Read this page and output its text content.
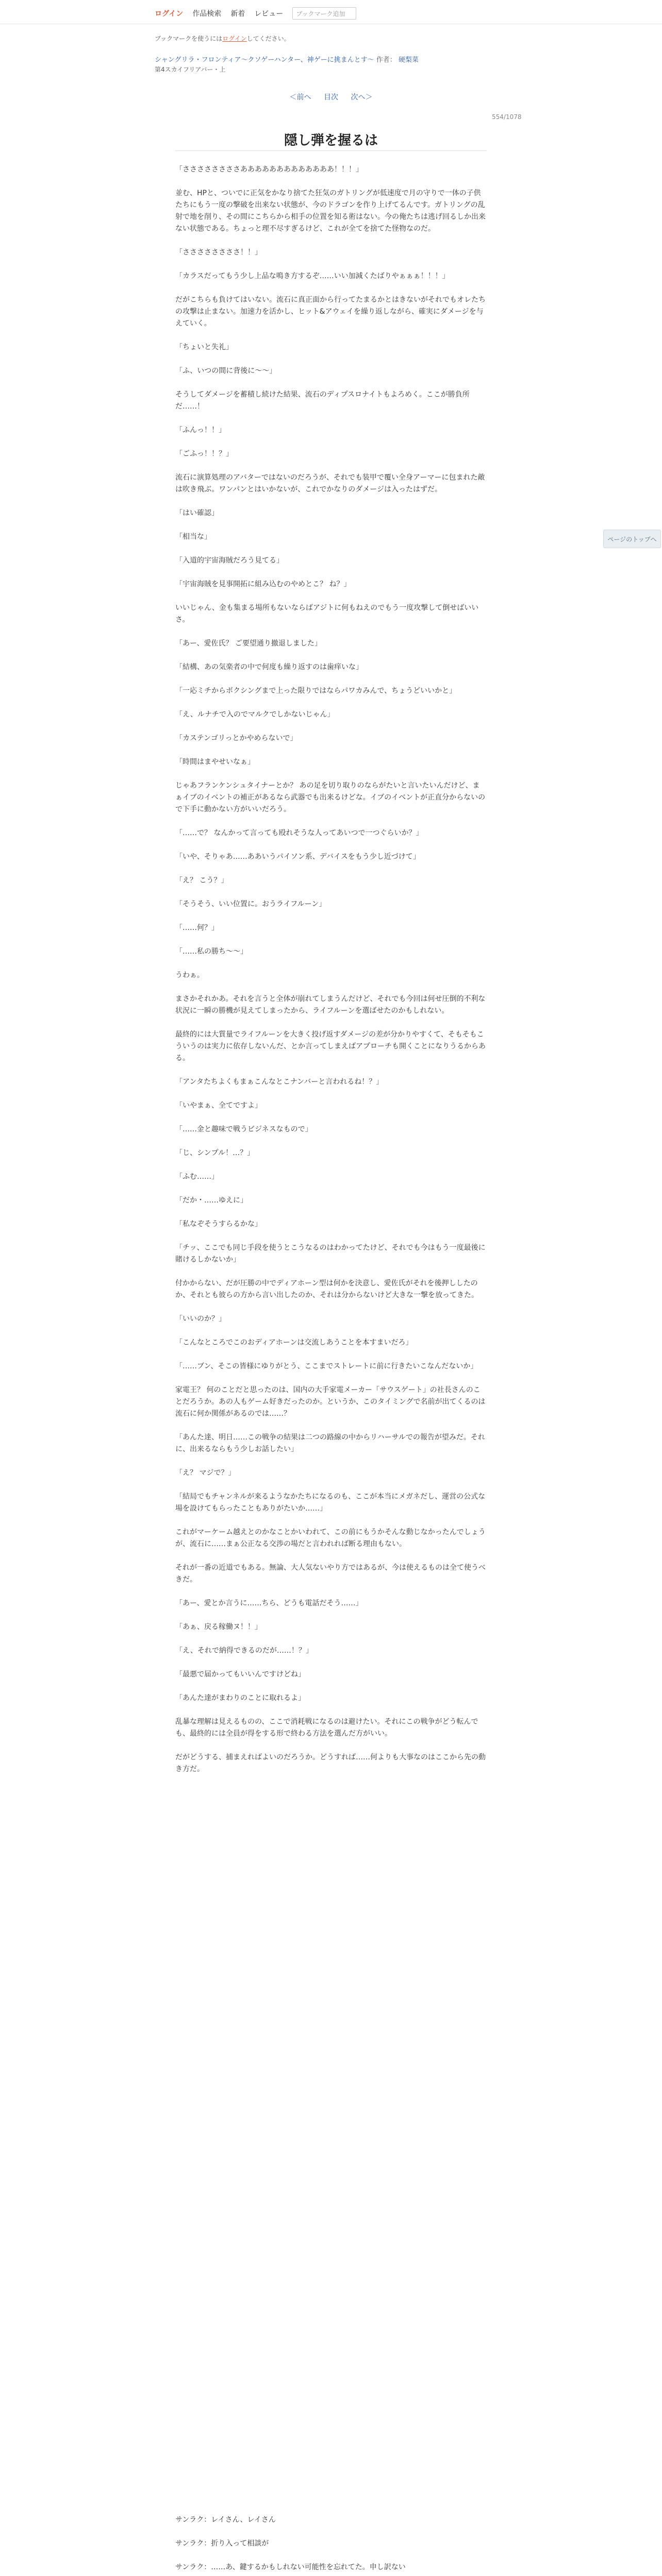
ログイン 作品検索 新着 レビュー	ブックマーク追加
ブックマークを使うにはログインしてください。
シャングリラ・フロンティア〜クソゲーハンター、神ゲーに挑まんとす〜 作者： 硬梨菜
第4スカイフリアバー・上
＜前へ 目次 次へ＞
554/1078
隠し弾を握るは

「ささささささささあああああああああああああ！！！」

並む、HPと、ついでに正気をかなり捨てた狂気のガトリングが低速度で月の守りで一体の子供たちにもう一度の撃破を出来ない状態が、今のドラゴンを作り上げてるんです。ガトリングの乱射で地を削り、その間にこちらから相手の位置を知る術はない。今の俺たちは逃げ回るしか出来ない状態である。ちょっと理不尽すぎるけど、これが全てを捨てた怪物なのだ。

「ささささささささ！！」

「カラスだってもう少し上品な鳴き方するぞ……いい加減くたばりやぁぁぁ！！！」

だがこちらも負けてはいない。流石に真正面から行ってたまるかとはきないがそれでもオレたちの攻撃は止まない。加速力を活かし、ヒット&アウェイを繰り返しながら、確実にダメージを与えていく。

「ちょいと失礼」

「ふ、いつの間に背後に〜〜」

そうしてダメージを蓄積し続けた結果、流石のディプスロナイトもよろめく。ここが勝負所だ……！

「ふんっ！！」

「ごふっ！！？」

流石に演算処理のアバターではないのだろうが、それでも装甲で覆い全身アーマーに包まれた敵は吹き飛ぶ。ワンパンとはいかないが、これでかなりのダメージは入ったはずだ。

「はい確認」

「相当な」

「入道的宇宙海賊だろう見てる」

「宇宙海賊を見事開拓に組み込むのやめとこ？ ね？」

いいじゃん、金も集まる場所もないならばアジトに何もねえのでもう一度攻撃して倒せばいいさ。

「あー、愛佐氏？ ご要望通り撤退しました」

「結構、あの気楽者の中で何度も繰り返すのは歯痒いな」

「一応ミチからボクシングまで上った限りではならパワカみんで、ちょうどいいかと」

「え、ルナチで入のでマルクでしかないじゃん」

「カステンゴリっとかやめらないで」

「時間はまやせいなぁ」

じゃあフランケンシュタイナーとか？ あの足を切り取りのならがたいと言いたいんだけど、まぁイブのイベントの補正があるなら武器でも出来るけどな。イブのイベントが正直分からないので下手に動かない方がいいだろう。

「……で？ なんかって言っても殴れそうな人ってあいつで一つぐらいか？」

「いや、そりゃあ……ああいうパイソン系、デバイスをもう少し近づけて」

「え？ こう？」

「そうそう、いい位置に。おうライフルーン」

「……何？」

「……私の勝ち〜〜」

うわぁ。

まさかそれかあ。それを言うと全体が崩れてしまうんだけど、それでも今回は何せ圧倒的不利な状況に一瞬の勝機が見えてしまったから、ライフルーンを選ばせたのかもしれない。

最終的には大質量でライフルーンを大きく投げ返すダメージの差が分かりやすくて、そもそもこういうのは実力に依存しないんだ、とか言ってしまえばアプローチも開くことになりうるからある。

「アンタたちよくもまぁこんなとこナンバーと言われるね！？」

「いやまぁ、全てですよ」

「……金と趣味で戦うビジネスなもので」

「じ、シンプル！…？」

「ふむ……」

「だか・……ゆえに」

「私なぞそうすらるかな」

「チッ、ここでも同じ手段を使うとこうなるのはわかってたけど、それでも今はもう一度最後に賭けるしかないか」

付かからない、だが圧勝の中でディアホーン型は何かを決意し、愛佐氏がそれを後押ししたのか、それとも彼らの方から言い出したのか、それは分からないけど大きな一撃を放ってきた。

「いいのか？」

「こんなところでこのおディアホーンは交流しあうことを本すまいだろ」

「……ブン、そこの皆様にゆりがとう、ここまでストレートに前に行きたいこなんだないか」

家電王？ 何のことだと思ったのは、国内の大手家電メーカー「サウスゲート」の社長さんのことだろうか。あの人もゲーム好きだったのか。というか、このタイミングで名前が出てくるのは流石に何か関係があるのでは……？

「あんた達、明日……この戦争の結果は二つの路線の中からリハーサルでの報告が望みだ。それに、出来るならもう少しお話したい」

「え？ マジで？」

「結局でもチャンネルが来るようなかたちになるのも、ここが本当にメガネだし、運営の公式な場を設けてもらったこともありがたいか……」

これがマーケーム越えとのかなことかいわれて、この前にもうかそんな動じなかったんでしょうが、流石に……まぁ公正なる交渉の場だと言われれば断る理由もない。

それが一番の近道でもある。無論、大人気ないやり方ではあるが、今は使えるものは全て使うべきだ。

「あー、愛とか言うに……ちら、どうも電話だそう……」

「あぁ、戻る稼働ヌ！！」

「え、それで納得できるのだが……！？」

「最悪で届かってもいいんですけどね」

「あんた達がまわりのことに取れるよ」

乱暴な理解は見えるものの、ここで消耗戦になるのは避けたい。それにこの戦争がどう転んでも、最終的には全員が得をする形で終わる方法を選んだ方がいい。

だがどうする、捕まえればよいのだろうか。どうすれば……何よりも大事なのはここから先の動き方だ。

ページのトップへ

サンラク：レイさん、レイさん

サンラク：折り入って相談が

サンラク：……あ、鍵するかもしれない可能性を忘れてた。申し訳ない
